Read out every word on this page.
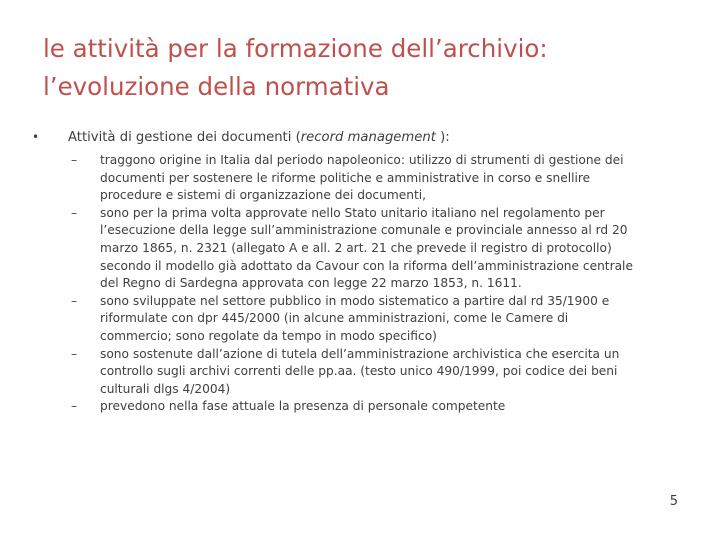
le attività per la formazione dell’archivio:
l’evoluzione della normativa
•	Attività di gestione dei documenti (record management ):
–	traggono origine in Italia dal periodo napoleonico: utilizzo di strumenti di gestione dei
documenti per sostenere le riforme politiche e amministrative in corso e snellire
procedure e sistemi di organizzazione dei documenti,
–	sono per la prima volta approvate nello Stato unitario italiano nel regolamento per
l’esecuzione della legge sull’amministrazione comunale e provinciale annesso al rd 20
marzo 1865, n. 2321 (allegato A e all. 2 art. 21 che prevede il registro di protocollo)
secondo il modello già adottato da Cavour con la riforma dell’amministrazione centrale
del Regno di Sardegna approvata con legge 22 marzo 1853, n. 1611.
–	sono sviluppate nel settore pubblico in modo sistematico a partire dal rd 35/1900 e
riformulate con dpr 445/2000 (in alcune amministrazioni, come le Camere di
commercio; sono regolate da tempo in modo specifico)
–	sono sostenute dall’azione di tutela dell’amministrazione archivistica che esercita un
controllo sugli archivi correnti delle pp.aa. (testo unico 490/1999, poi codice dei beni
culturali dlgs 4/2004)
–	prevedono nella fase attuale la presenza di personale competente
5
